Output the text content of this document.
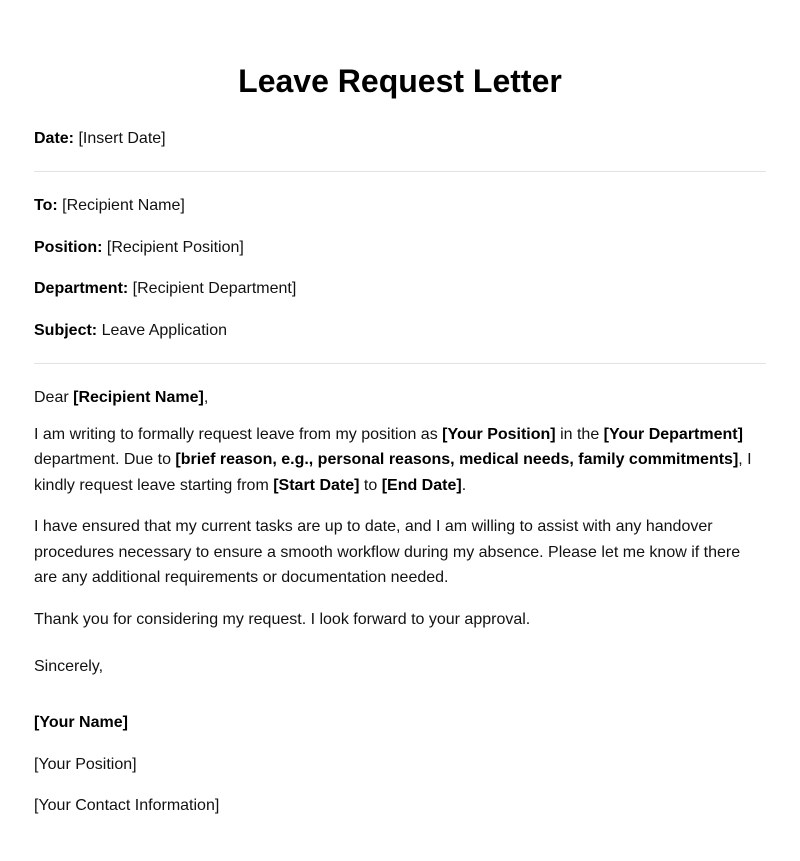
Leave Request Letter

Date: [Insert Date]

To: [Recipient Name]

Position: [Recipient Position]

Department: [Recipient Department]

Subject: Leave Application

Dear [Recipient Name],

I am writing to formally request leave from my position as [Your Position] in the [Your Department] department. Due to [brief reason, e.g., personal reasons, medical needs, family commitments], I kindly request leave starting from [Start Date] to [End Date].

I have ensured that my current tasks are up to date, and I am willing to assist with any handover procedures necessary to ensure a smooth workflow during my absence. Please let me know if there are any additional requirements or documentation needed.

Thank you for considering my request. I look forward to your approval.

Sincerely,

[Your Name]

[Your Position]

[Your Contact Information]
